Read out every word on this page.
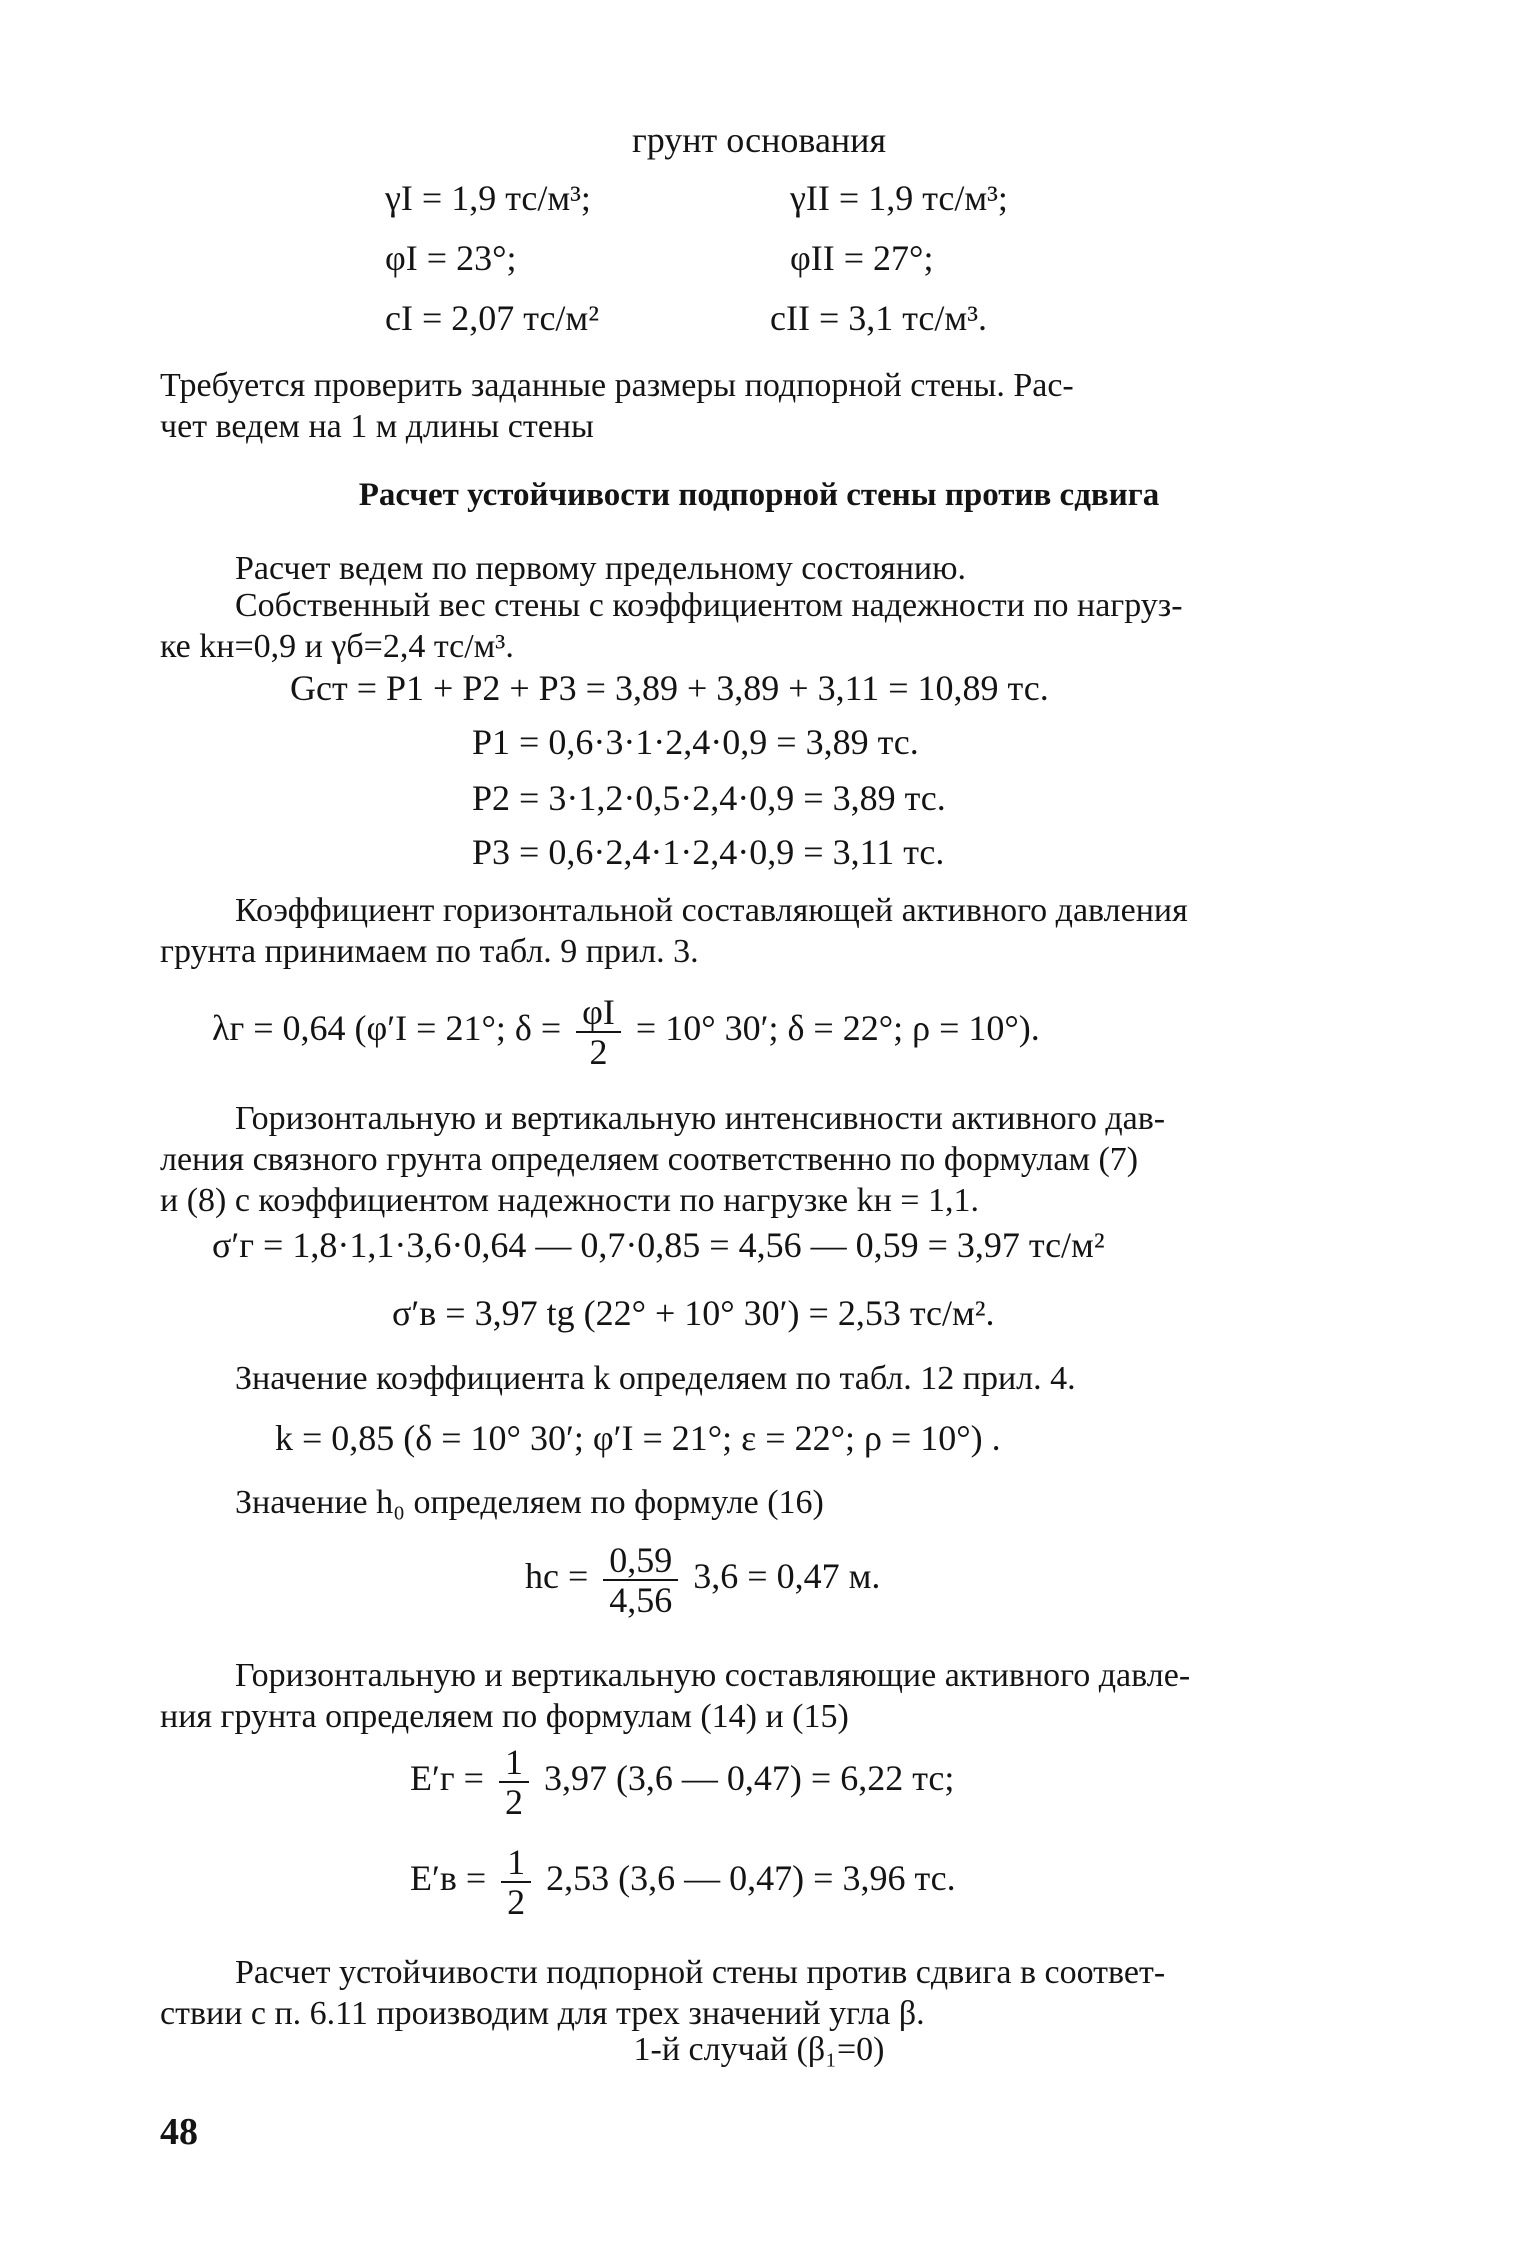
грунт основания
γI = 1,9 тс/м³;	γII = 1,9 тс/м³;
φI = 23°;	φII = 27°;
cI = 2,07 тс/м²	cII = 3,1 тс/м³.
Требуется проверить заданные размеры подпорной стены. Рас-
чет ведем на 1 м длины стены
Расчет устойчивости подпорной стены против сдвига
Расчет ведем по первому предельному состоянию.
Собственный вес стены с коэффициентом надежности по нагруз-
ке kн=0,9 и γб=2,4 тс/м³.
Gст = P1 + P2 + P3 = 3,89 + 3,89 + 3,11 = 10,89 тс.
P1 = 0,6·3·1·2,4·0,9 = 3,89 тс.
P2 = 3·1,2·0,5·2,4·0,9 = 3,89 тс.
P3 = 0,6·2,4·1·2,4·0,9 = 3,11 тс.
Коэффициент горизонтальной составляющей активного давления
грунта принимаем по табл. 9 прил. 3.
λг = 0,64 (φ′I = 21°; $\delta = \frac{\varphi I}{2} = 10^\circ$ 30′; δ = 22°; ρ = 10°).
Горизонтальную и вертикальную интенсивности активного дав-
ления связного грунта определяем соответственно по формулам (7)
и (8) с коэффициентом надежности по нагрузке kн = 1,1.
σ′г = 1,8·1,1·3,6·0,64 — 0,7·0,85 = 4,56 — 0,59 = 3,97 тс/м²
σ′в = 3,97 tg (22° + 10° 30′) = 2,53 тс/м².
Значение коэффициента k определяем по табл. 12 прил. 4.
k = 0,85 (δ = 10° 30′; φ′I = 21°; ε = 22°; ρ = 10°) .
Значение h₀ определяем по формуле (16)
hc = $\frac{0,59}{4,56} 3,6 = 0,47$ м.
Горизонтальную и вертикальную составляющие активного давле-
ния грунта определяем по формулам (14) и (15)
$E'г = \frac{1}{2} 3,97$ (3,6 — 0,47) = 6,22 тс;
$E'в = \frac{1}{2} 2,53$ (3,6 — 0,47) = 3,96 тс.
Расчет устойчивости подпорной стены против сдвига в соответ-
ствии с п. 6.11 производим для трех значений угла β.
1-й случай (β₁=0)
48
